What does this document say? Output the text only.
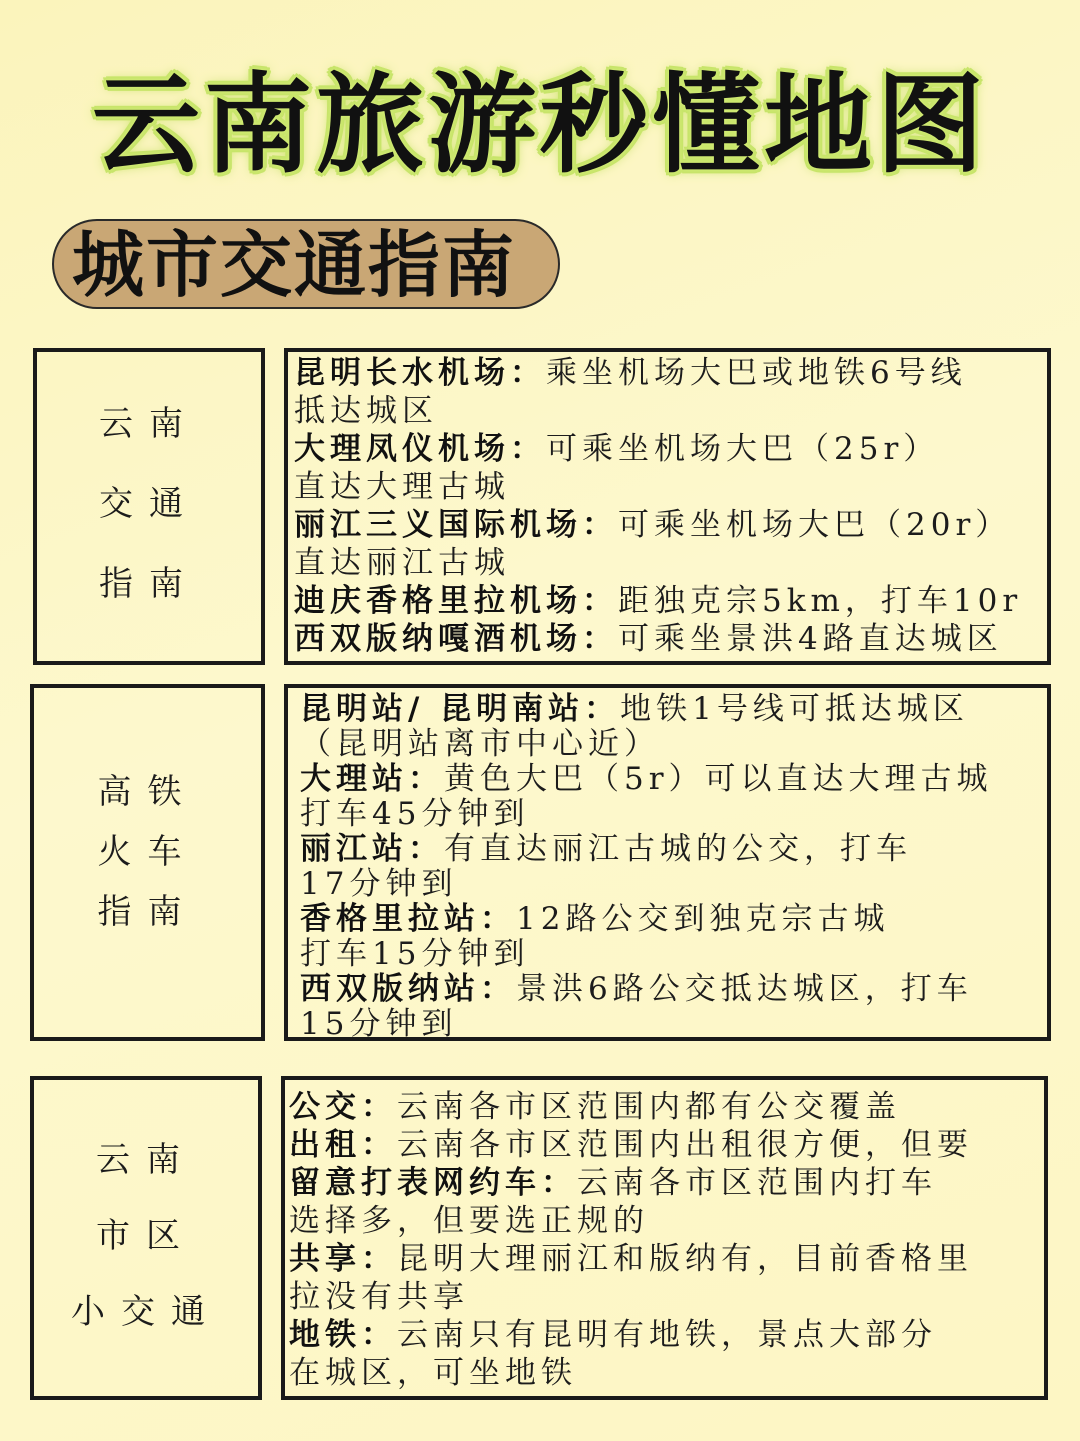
云南旅游秒懂地图
城市交通指南
云南
交通
指南
昆明长水机场：乘坐机场大巴或地铁6号线
抵达城区
大理凤仪机场：可乘坐机场大巴（25r）
直达大理古城
丽江三义国际机场：可乘坐机场大巴（20r）
直达丽江古城
迪庆香格里拉机场：距独克宗5km，打车10r
西双版纳嘎酒机场：可乘坐景洪4路直达城区
高铁
火车
指南
昆明站/ 昆明南站：地铁1号线可抵达城区
（昆明站离市中心近）
大理站：黄色大巴（5r）可以直达大理古城
打车45分钟到
丽江站：有直达丽江古城的公交，打车
17分钟到
香格里拉站：12路公交到独克宗古城
打车15分钟到
西双版纳站：景洪6路公交抵达城区，打车
15分钟到
云南
市区
小交通
公交：云南各市区范围内都有公交覆盖
出租：云南各市区范围内出租很方便，但要
留意打表网约车：云南各市区范围内打车
选择多，但要选正规的
共享：昆明大理丽江和版纳有，目前香格里
拉没有共享
地铁：云南只有昆明有地铁，景点大部分
在城区，可坐地铁
